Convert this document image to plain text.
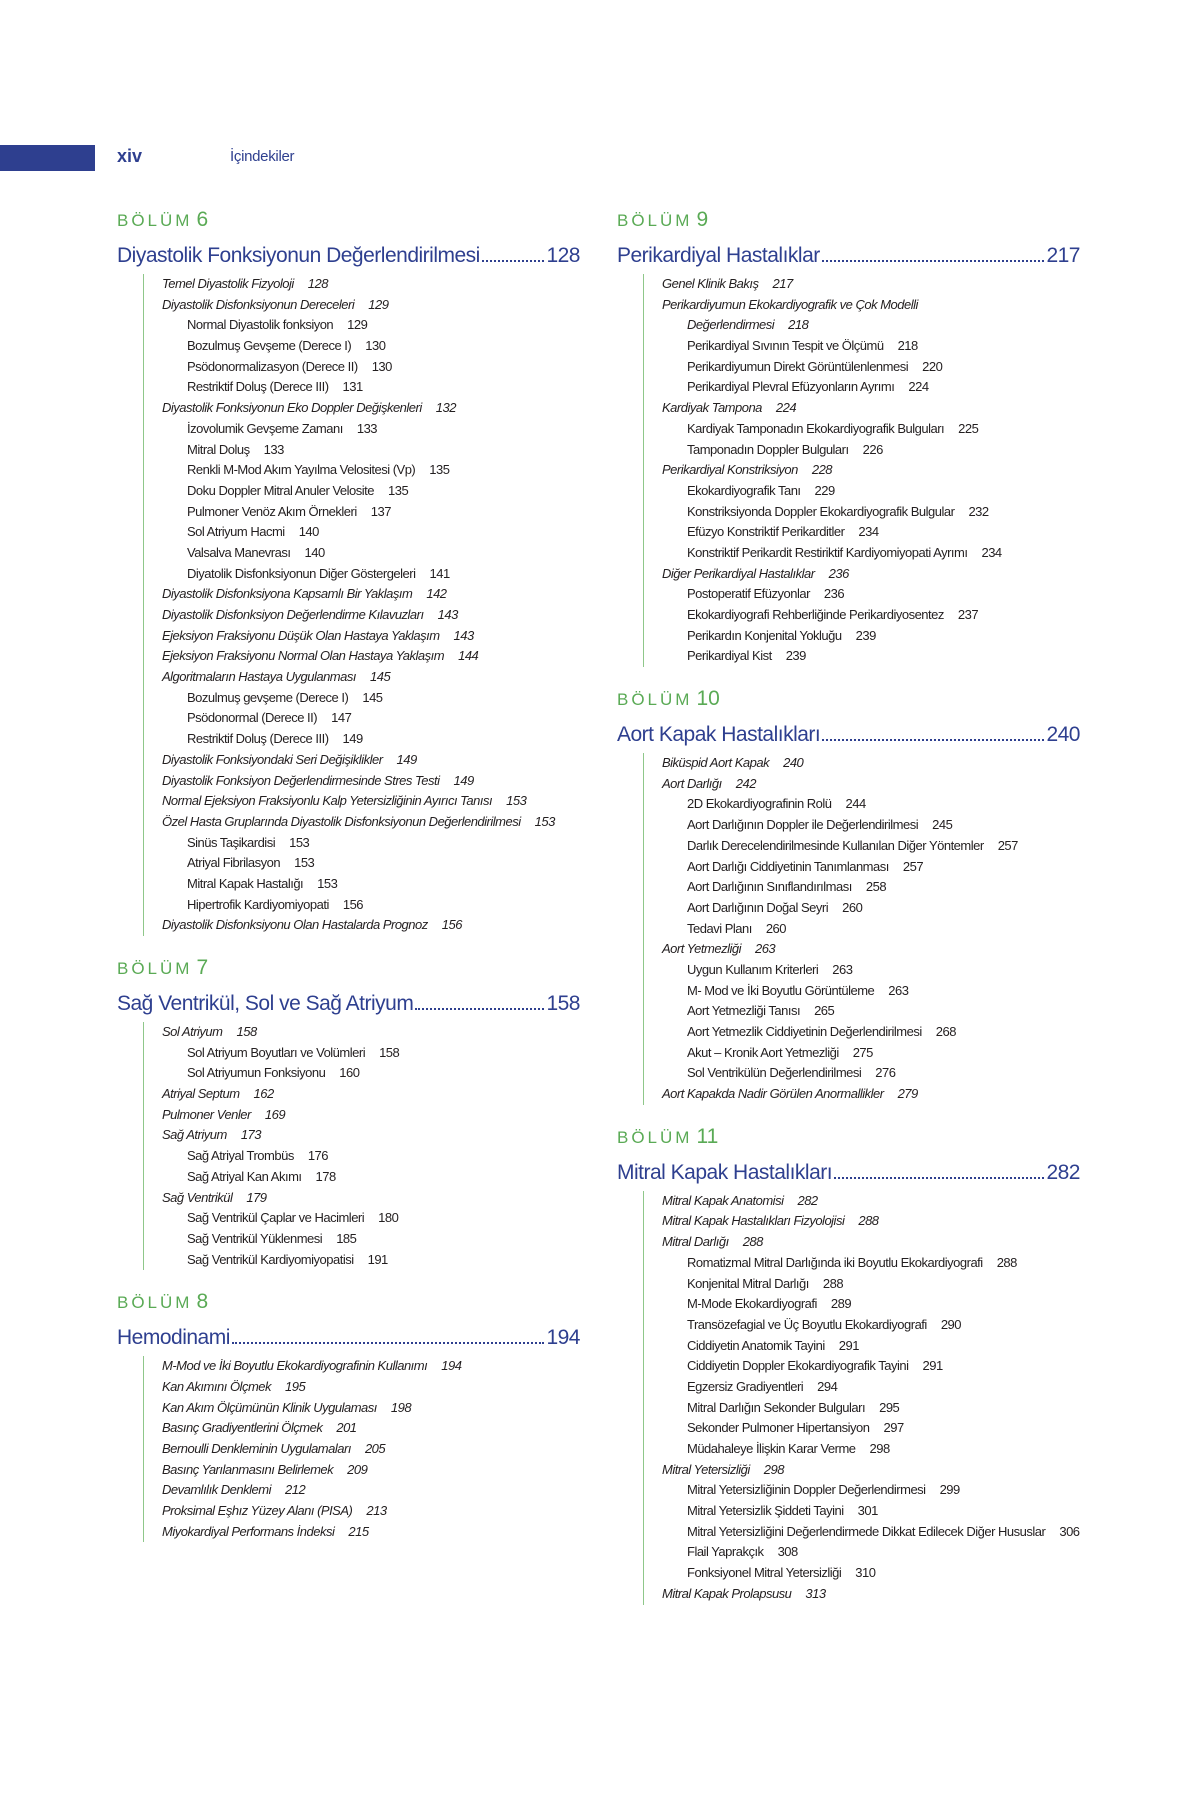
xiv	İçindekiler
BÖLÜM 6
Diyastolik Fonksiyonun Değerlendirilmesi	128
Temel Diyastolik Fizyoloji 128
Diyastolik Disfonksiyonun Dereceleri 129
Normal Diyastolik fonksiyon 129
Bozulmuş Gevşeme (Derece I) 130
Psödonormalizasyon (Derece II) 130
Restriktif Doluş (Derece III) 131
Diyastolik Fonksiyonun Eko Doppler Değişkenleri 132
İzovolumik Gevşeme Zamanı 133
Mitral Doluş 133
Renkli M-Mod Akım Yayılma Velositesi (Vp) 135
Doku Doppler Mitral Anuler Velosite 135
Pulmoner Venöz Akım Örnekleri 137
Sol Atriyum Hacmi 140
Valsalva Manevrası 140
Diyatolik Disfonksiyonun Diğer Göstergeleri 141
Diyastolik Disfonksiyona Kapsamlı Bir Yaklaşım 142
Diyastolik Disfonksiyon Değerlendirme Kılavuzları 143
Ejeksiyon Fraksiyonu Düşük Olan Hastaya Yaklaşım 143
Ejeksiyon Fraksiyonu Normal Olan Hastaya Yaklaşım 144
Algoritmaların Hastaya Uygulanması 145
Bozulmuş gevşeme (Derece I) 145
Psödonormal (Derece II) 147
Restriktif Doluş (Derece III) 149
Diyastolik Fonksiyondaki Seri Değişiklikler 149
Diyastolik Fonksiyon Değerlendirmesinde Stres Testi 149
Normal Ejeksiyon Fraksiyonlu Kalp Yetersizliğinin Ayırıcı Tanısı 153
Özel Hasta Gruplarında Diyastolik Disfonksiyonun Değerlendirilmesi 153
Sinüs Taşikardisi 153
Atriyal Fibrilasyon 153
Mitral Kapak Hastalığı 153
Hipertrofik Kardiyomiyopati 156
Diyastolik Disfonksiyonu Olan Hastalarda Prognoz 156
BÖLÜM 7
Sağ Ventrikül, Sol ve Sağ Atriyum	158
Sol Atriyum 158
Sol Atriyum Boyutları ve Volümleri 158
Sol Atriyumun Fonksiyonu 160
Atriyal Septum 162
Pulmoner Venler 169
Sağ Atriyum 173
Sağ Atriyal Trombüs 176
Sağ Atriyal Kan Akımı 178
Sağ Ventrikül 179
Sağ Ventrikül Çaplar ve Hacimleri 180
Sağ Ventrikül Yüklenmesi 185
Sağ Ventrikül Kardiyomiyopatisi 191
BÖLÜM 8
Hemodinami	194
M-Mod ve İki Boyutlu Ekokardiyografinin Kullanımı 194
Kan Akımını Ölçmek 195
Kan Akım Ölçümünün Klinik Uygulaması 198
Basınç Gradiyentlerini Ölçmek 201
Bernoulli Denkleminin Uygulamaları 205
Basınç Yarılanmasını Belirlemek 209
Devamlılık Denklemi 212
Proksimal Eşhız Yüzey Alanı (PISA) 213
Miyokardiyal Performans İndeksi 215
BÖLÜM 9
Perikardiyal Hastalıklar	217
Genel Klinik Bakış 217
Perikardiyumun Ekokardiyografik ve Çok Modelli
Değerlendirmesi 218
Perikardiyal Sıvının Tespit ve Ölçümü 218
Perikardiyumun Direkt Görüntülenlenmesi 220
Perikardiyal Plevral Efüzyonların Ayrımı 224
Kardiyak Tampona 224
Kardiyak Tamponadın Ekokardiyografik Bulguları 225
Tamponadın Doppler Bulguları 226
Perikardiyal Konstriksiyon 228
Ekokardiyografik Tanı 229
Konstriksiyonda Doppler Ekokardiyografik Bulgular 232
Efüzyo Konstriktif Perikarditler 234
Konstriktif Perikardit Restiriktif Kardiyomiyopati Ayrımı 234
Diğer Perikardiyal Hastalıklar 236
Postoperatif Efüzyonlar 236
Ekokardiyografi Rehberliğinde Perikardiyosentez 237
Perikardın Konjenital Yokluğu 239
Perikardiyal Kist 239
BÖLÜM 10
Aort Kapak Hastalıkları	240
Biküspid Aort Kapak 240
Aort Darlığı 242
2D Ekokardiyografinin Rolü 244
Aort Darlığının Doppler ile Değerlendirilmesi 245
Darlık Derecelendirilmesinde Kullanılan Diğer Yöntemler 257
Aort Darlığı Ciddiyetinin Tanımlanması 257
Aort Darlığının Sınıflandırılması 258
Aort Darlığının Doğal Seyri 260
Tedavi Planı 260
Aort Yetmezliği 263
Uygun Kullanım Kriterleri 263
M- Mod ve İki Boyutlu Görüntüleme 263
Aort Yetmezliği Tanısı 265
Aort Yetmezlik Ciddiyetinin Değerlendirilmesi 268
Akut – Kronik Aort Yetmezliği 275
Sol Ventrikülün Değerlendirilmesi 276
Aort Kapakda Nadir Görülen Anormallikler 279
BÖLÜM 11
Mitral Kapak Hastalıkları	282
Mitral Kapak Anatomisi 282
Mitral Kapak Hastalıkları Fizyolojisi 288
Mitral Darlığı 288
Romatizmal Mitral Darlığında iki Boyutlu Ekokardiyografi 288
Konjenital Mitral Darlığı 288
M-Mode Ekokardiyografi 289
Transözefagial ve Üç Boyutlu Ekokardiyografi 290
Ciddiyetin Anatomik Tayini 291
Ciddiyetin Doppler Ekokardiyografik Tayini 291
Egzersiz Gradiyentleri 294
Mitral Darlığın Sekonder Bulguları 295
Sekonder Pulmoner Hipertansiyon 297
Müdahaleye İlişkin Karar Verme 298
Mitral Yetersizliği 298
Mitral Yetersizliğinin Doppler Değerlendirmesi 299
Mitral Yetersizlik Şiddeti Tayini 301
Mitral Yetersizliğini Değerlendirmede Dikkat Edilecek Diğer Hususlar 306
Flail Yaprakçık 308
Fonksiyonel Mitral Yetersizliği 310
Mitral Kapak Prolapsusu 313
